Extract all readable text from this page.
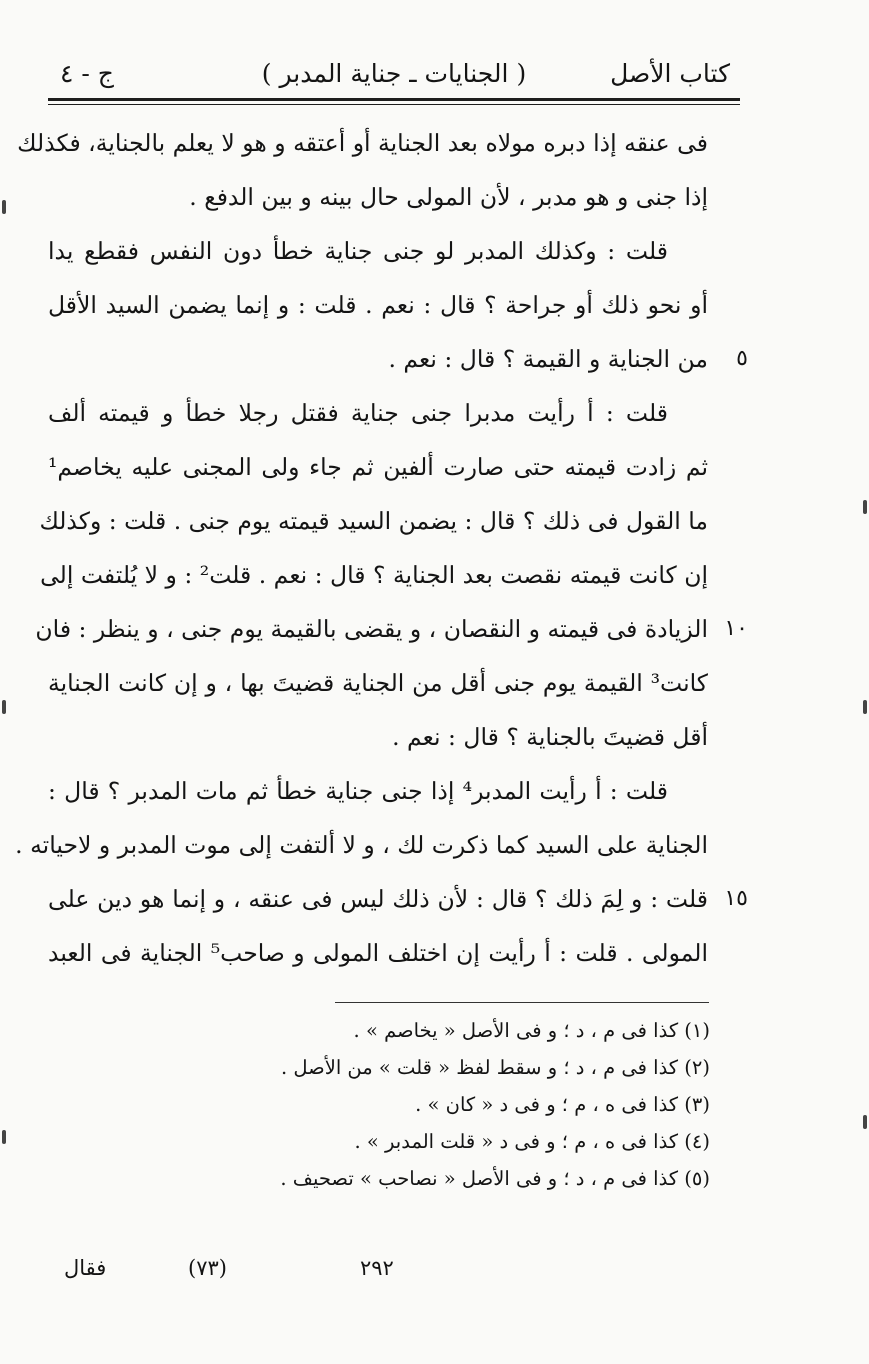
كتاب الأصل
( الجنايات ـ جناية المدبر )
ج - ٤
فى عنقه إذا دبره مولاه بعد الجناية أو أعتقه و هو لا يعلم بالجناية، فكذلك
إذا جنى و هو مدبر ، لأن المولى حال بينه و بين الدفع .
قلت : وكذلك المدبر لو جنى جناية خطأ دون النفس فقطع يدا
أو نحو ذلك أو جراحة ؟ قال : نعم . قلت : و إنما يضمن السيد الأقل
من الجناية و القيمة ؟ قال : نعم . ٥
قلت : أ رأيت مدبرا جنى جناية فقتل رجلا خطأ و قيمته ألف
ثم زادت قيمته حتى صارت ألفين ثم جاء ولى المجنى عليه يخاصم¹
ما القول فى ذلك ؟ قال : يضمن السيد قيمته يوم جنى . قلت : وكذلك
إن كانت قيمته نقصت بعد الجناية ؟ قال : نعم . قلت² : و لا يُلتفت إلى
الزيادة فى قيمته و النقصان ، و يقضى بالقيمة يوم جنى ، و ينظر : فان ١٠
كانت³ القيمة يوم جنى أقل من الجناية قضيتَ بها ، و إن كانت الجناية
أقل قضيتَ بالجناية ؟ قال : نعم .
قلت : أ رأيت المدبر⁴ إذا جنى جناية خطأ ثم مات المدبر ؟ قال :
الجناية على السيد كما ذكرت لك ، و لا ألتفت إلى موت المدبر و لاحياته .
قلت : و لِمَ ذلك ؟ قال : لأن ذلك ليس فى عنقه ، و إنما هو دين على ١٥
المولى . قلت : أ رأيت إن اختلف المولى و صاحب⁵ الجناية فى العبد
(١) كذا فى م ، د ؛ و فى الأصل « يخاصم » .
(٢) كذا فى م ، د ؛ و سقط لفظ « قلت » من الأصل .
(٣) كذا فى ه ، م ؛ و فى د « كان » .
(٤) كذا فى ه ، م ؛ و فى د « قلت المدبر » .
(٥) كذا فى م ، د ؛ و فى الأصل « نصاحب » تصحيف .
٢٩٢
(٧٣)
فقال
